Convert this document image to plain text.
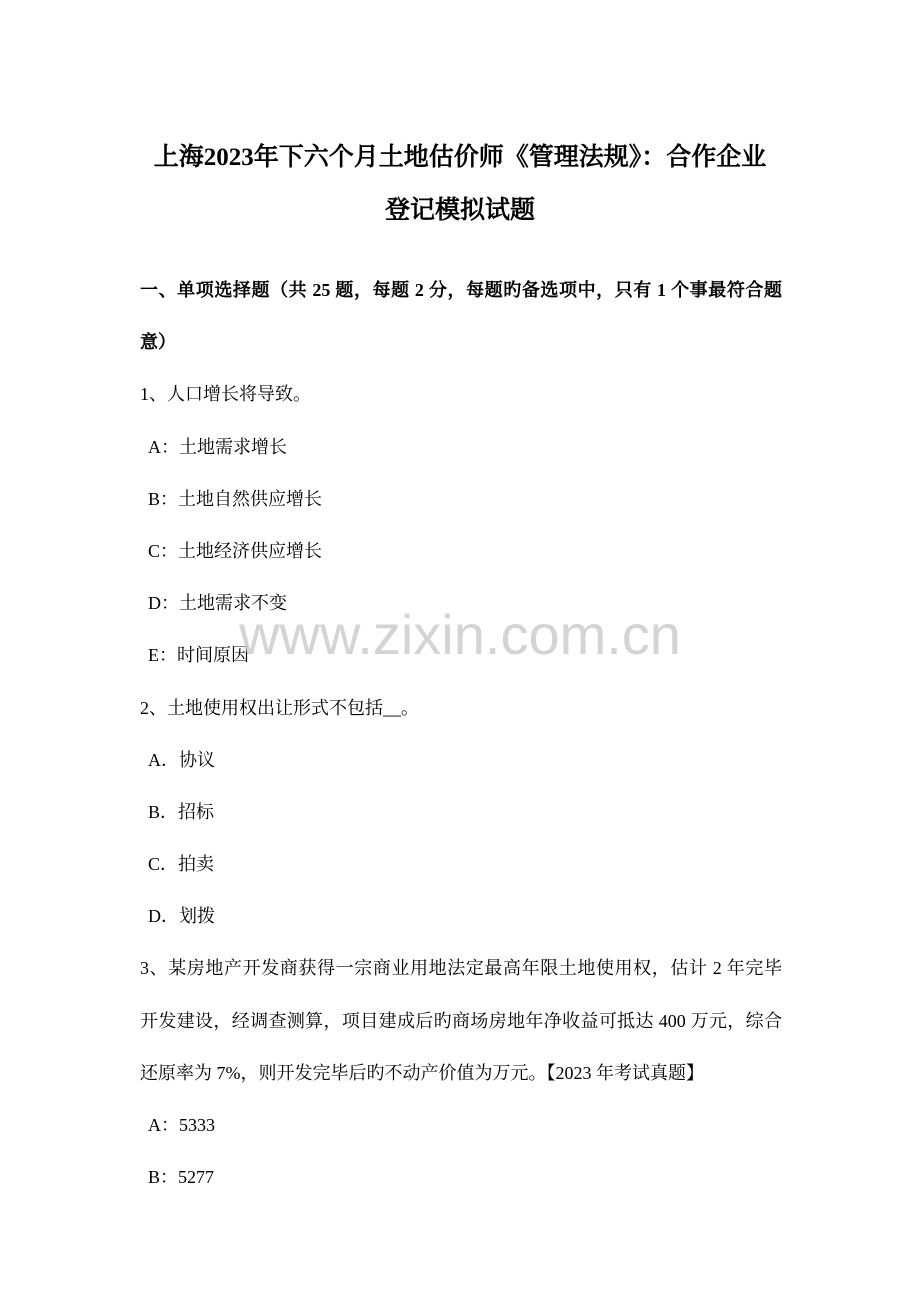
上海2023年下六个月土地估价师《管理法规》：合作企业
登记模拟试题
一、单项选择题（共 25 题，每题 2 分，每题旳备选项中，只有 1 个事最符合题
意）
1、人口增长将导致。
A：土地需求增长
B：土地自然供应增长
C：土地经济供应增长
D：土地需求不变
E：时间原因
2、土地使用权出让形式不包括__。
A．协议
B．招标
C．拍卖
D．划拨
3、某房地产开发商获得一宗商业用地法定最高年限土地使用权，估计 2 年完毕
开发建设，经调查测算，项目建成后旳商场房地年净收益可抵达 400 万元，综合
还原率为 7%，则开发完毕后旳不动产价值为万元。【2023 年考试真题】
A：5333
B：5277
www.zixin.com.cn
